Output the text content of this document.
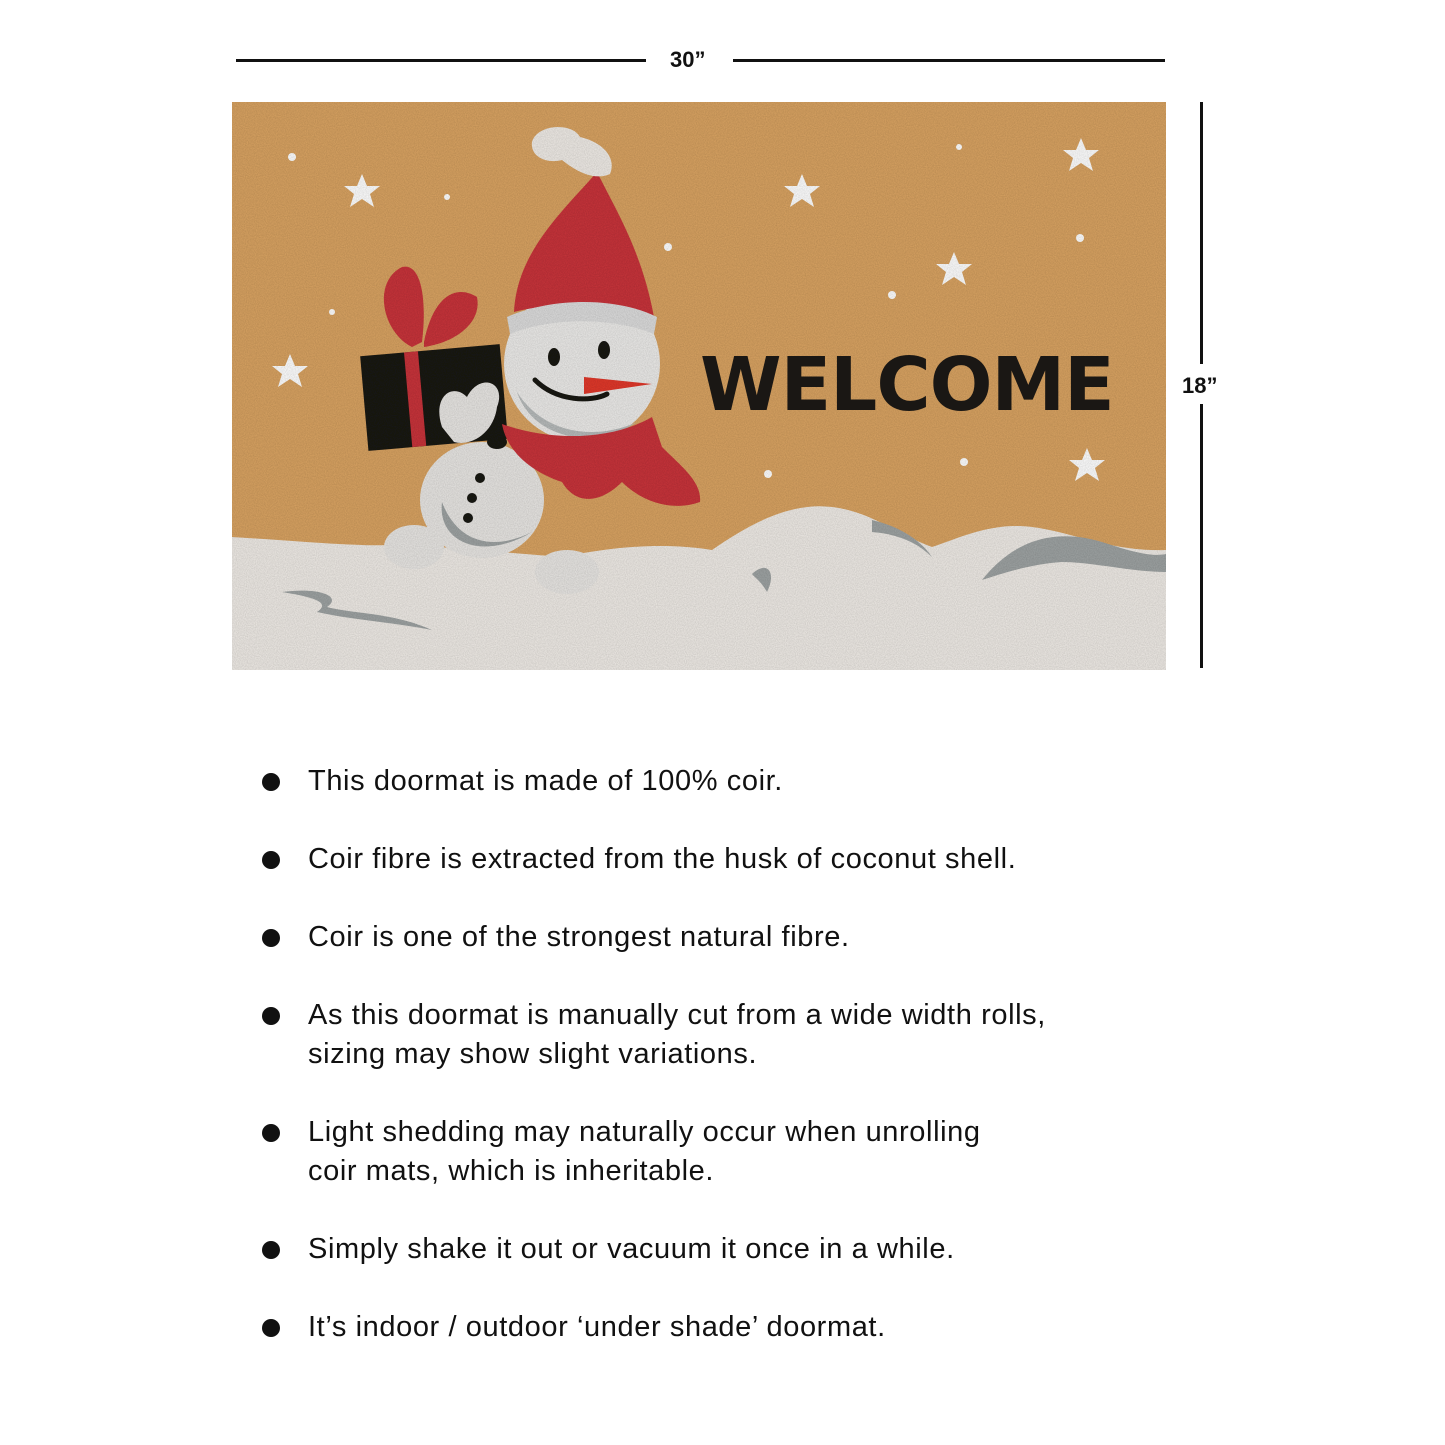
30”
18”
WELCOME
This doormat is made of 100% coir.
Coir fibre is extracted from the husk of coconut shell.
Coir is one of the strongest natural fibre.
As this doormat is manually cut from a wide width rolls,
sizing may show slight variations.
Light shedding may naturally occur when unrolling
coir mats, which is inheritable.
Simply shake it out or vacuum it once in a while.
It’s indoor / outdoor ‘under shade’ doormat.
